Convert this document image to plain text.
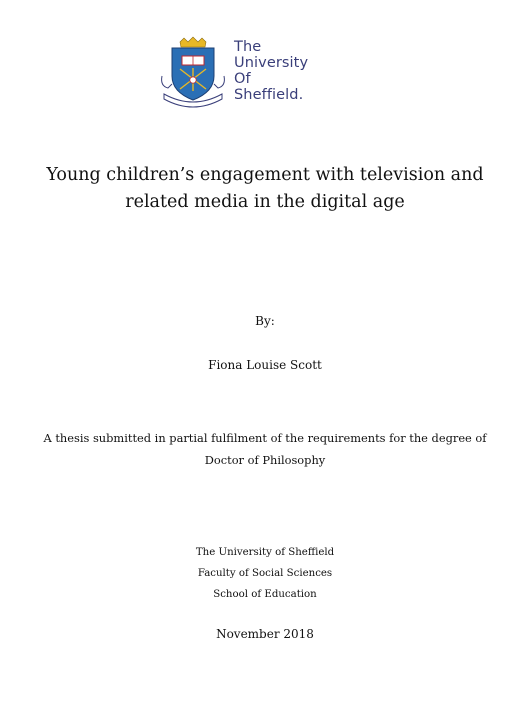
The
University
Of
Sheffield.
Young children’s engagement with television and
related media in the digital age
By:
Fiona Louise Scott
A thesis submitted in partial fulfilment of the requirements for the degree of
Doctor of Philosophy
The University of Sheffield
Faculty of Social Sciences
School of Education
November 2018
